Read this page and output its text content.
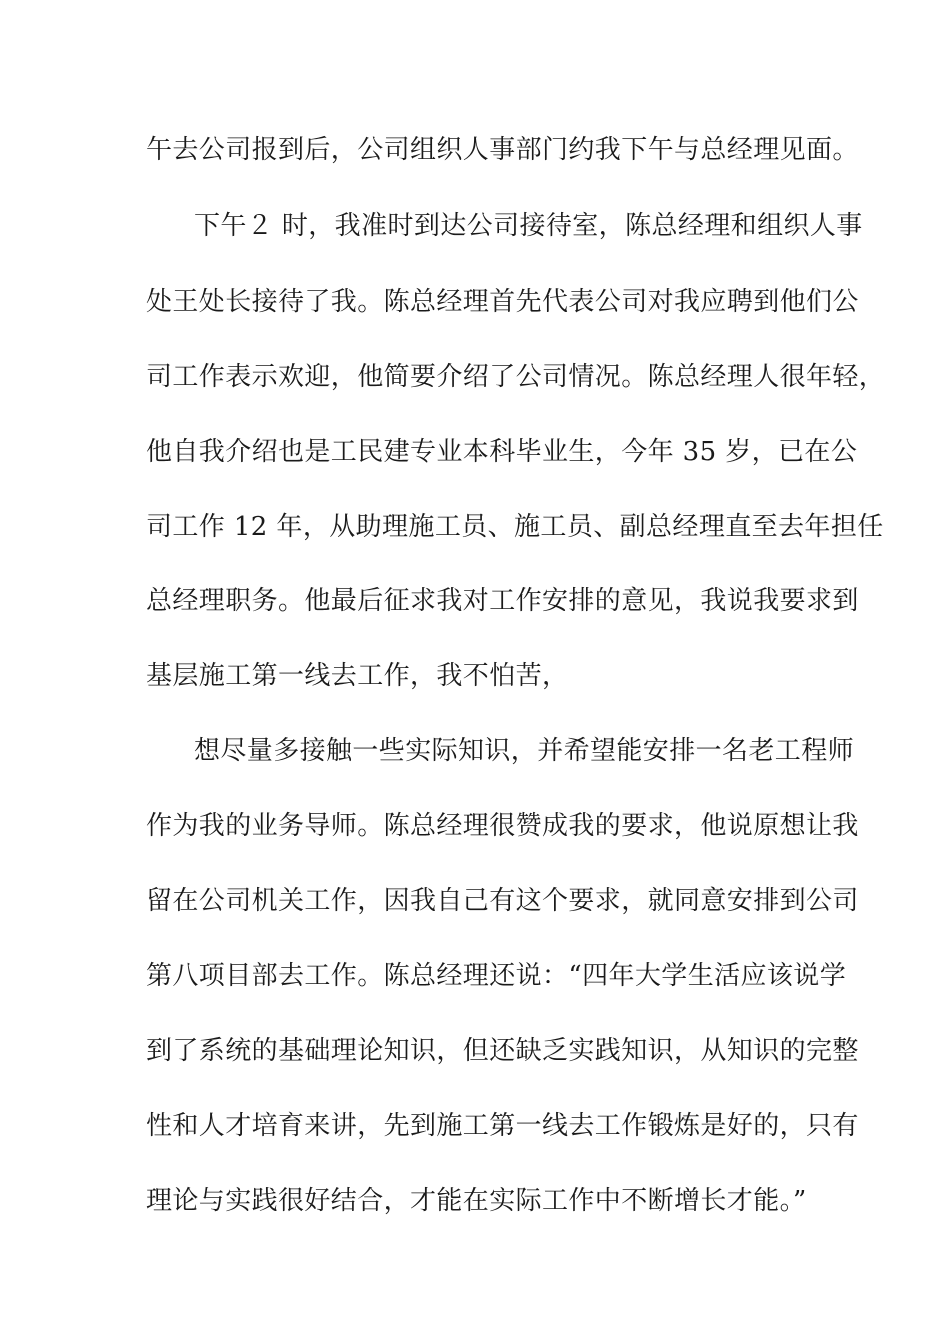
午去公司报到后，公司组织人事部门约我下午与总经理见面。
下午２ 时，我准时到达公司接待室，陈总经理和组织人事
处王处长接待了我。陈总经理首先代表公司对我应聘到他们公
司工作表示欢迎，他简要介绍了公司情况。陈总经理人很年轻，
他自我介绍也是工民建专业本科毕业生，今年 35 岁，已在公
司工作 12 年，从助理施工员、施工员、副总经理直至去年担任
总经理职务。他最后征求我对工作安排的意见，我说我要求到
基层施工第一线去工作，我不怕苦，
想尽量多接触一些实际知识，并希望能安排一名老工程师
作为我的业务导师。陈总经理很赞成我的要求，他说原想让我
留在公司机关工作，因我自己有这个要求，就同意安排到公司
第八项目部去工作。陈总经理还说：“四年大学生活应该说学
到了系统的基础理论知识，但还缺乏实践知识，从知识的完整
性和人才培育来讲，先到施工第一线去工作锻炼是好的，只有
理论与实践很好结合，才能在实际工作中不断增长才能。”
